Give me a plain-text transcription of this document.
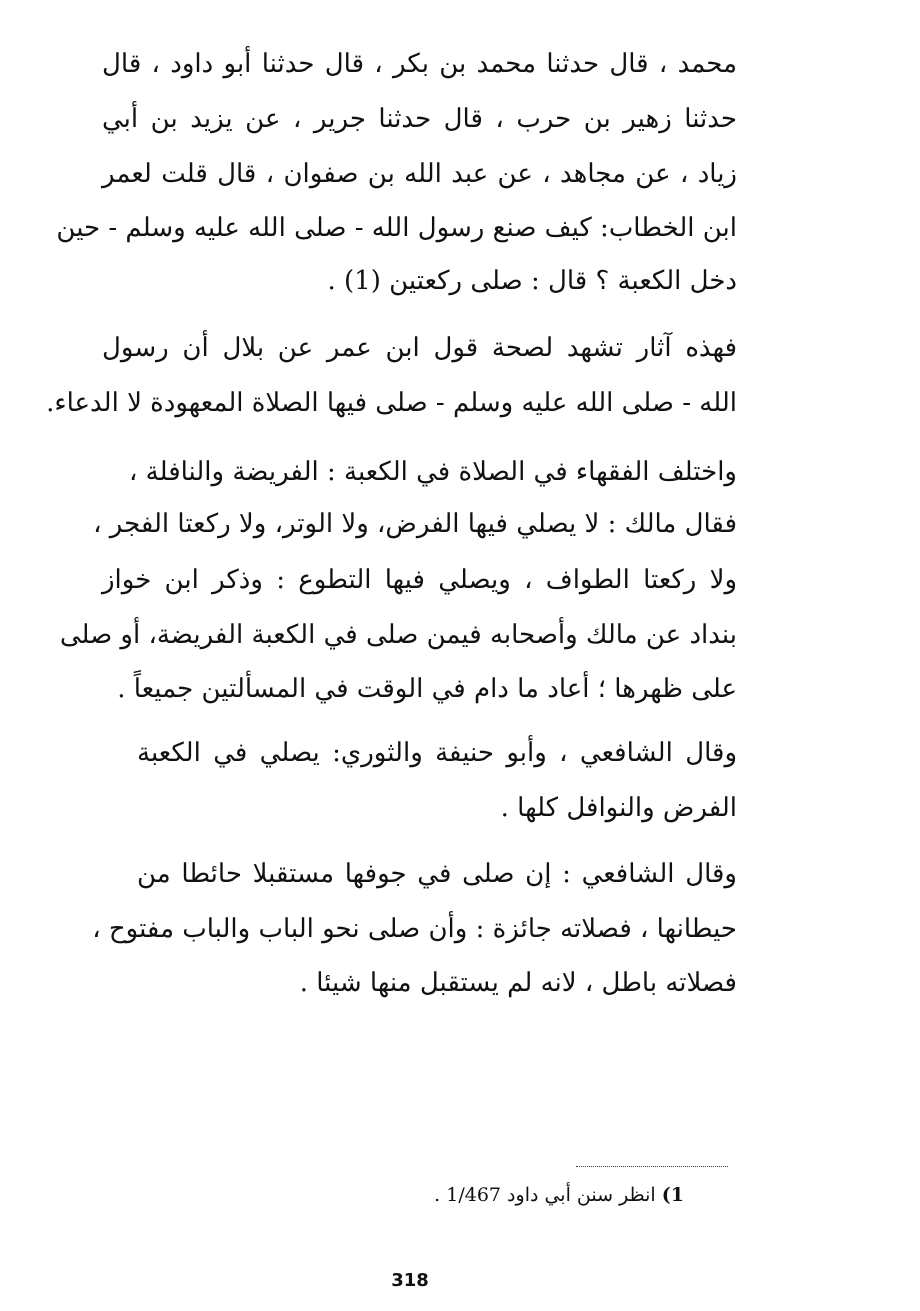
محمد ، قال حدثنا محمد بن بكر ، قال حدثنا أبو داود ، قال
حدثنا زهير بن حرب ، قال حدثنا جرير ، عن يزيد بن أبي
زياد ، عن مجاهد ، عن عبد الله بن صفوان ، قال قلت لعمر
ابن الخطاب: كيف صنع رسول الله - صلى الله عليه وسلم - حين
دخل الكعبة ؟ قال : صلى ركعتين (1) .
فهذه آثار تشهد لصحة قول ابن عمر عن بلال أن رسول
الله - صلى الله عليه وسلم - صلى فيها الصلاة المعهودة لا الدعاء.
واختلف الفقهاء في الصلاة في الكعبة : الفريضة والنافلة ،
فقال مالك : لا يصلي فيها الفرض، ولا الوتر، ولا ركعتا الفجر ،
ولا ركعتا الطواف ، ويصلي فيها التطوع : وذكر ابن خواز
بنداد عن مالك وأصحابه فيمن صلى في الكعبة الفريضة، أو صلى
على ظهرها ؛ أعاد ما دام في الوقت في المسألتين جميعاً .
وقال الشافعي ، وأبو حنيفة والثوري: يصلي في الكعبة
الفرض والنوافل كلها .
وقال الشافعي : إن صلى في جوفها مستقبلا حائطا من
حيطانها ، فصلاته جائزة : وأن صلى نحو الباب والباب مفتوح ،
فصلاته باطل ، لانه لم يستقبل منها شيئا .
1) انظر سنن أبي داود 1/467 .
318
